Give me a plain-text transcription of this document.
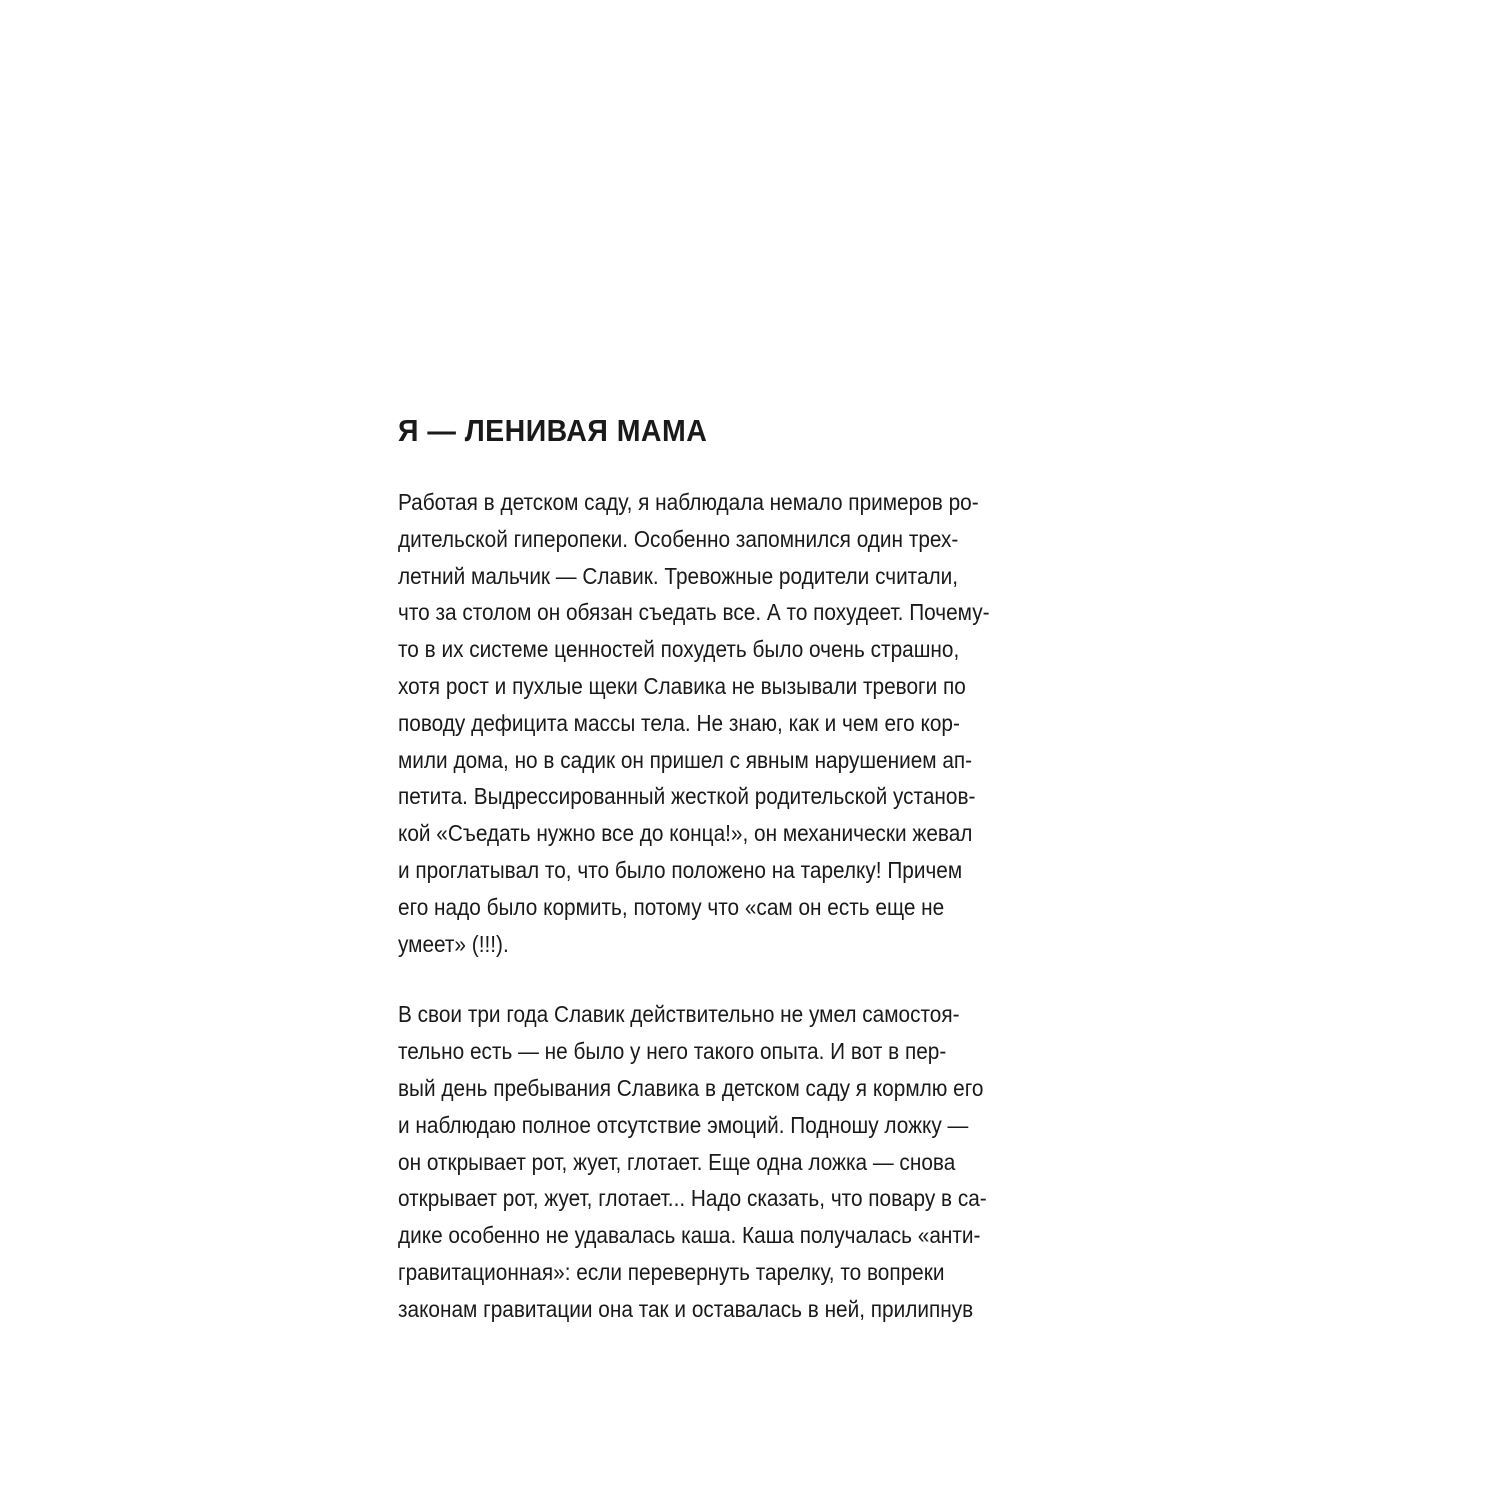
Я — ЛЕНИВАЯ МАМА
Работая в детском саду, я наблюдала немало примеров ро-
дительской гиперопеки. Особенно запомнился один трех-
летний мальчик — Славик. Тревожные родители считали,
что за столом он обязан съедать все. А то похудеет. Почему-
то в их системе ценностей похудеть было очень страшно,
хотя рост и пухлые щеки Славика не вызывали тревоги по
поводу дефицита массы тела. Не знаю, как и чем его кор-
мили дома, но в садик он пришел с явным нарушением ап-
петита. Выдрессированный жесткой родительской установ-
кой «Съедать нужно все до конца!», он механически жевал
и проглатывал то, что было положено на тарелку! Причем
его надо было кормить, потому что «сам он есть еще не
умеет» (!!!).
В свои три года Славик действительно не умел самостоя-
тельно есть — не было у него такого опыта. И вот в пер-
вый день пребывания Славика в детском саду я кормлю его
и наблюдаю полное отсутствие эмоций. Подношу ложку —
он открывает рот, жует, глотает. Еще одна ложка — снова
открывает рот, жует, глотает... Надо сказать, что повару в са-
дике особенно не удавалась каша. Каша получалась «анти-
гравитационная»: если перевернуть тарелку, то вопреки
законам гравитации она так и оставалась в ней, прилипнув
